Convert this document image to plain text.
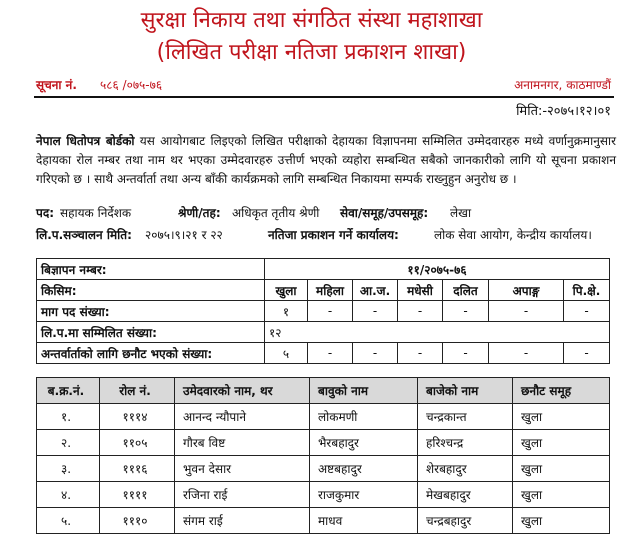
सुरक्षा निकाय तथा संगठित संस्था महाशाखा
(लिखित परीक्षा नतिजा प्रकाशन शाखा)
सूचना नं. ५८६ /०७५-७६	अनामनगर, काठमाण्डौं
मिति:-२०७५।१२।०१
नेपाल धितोपत्र बोर्डको यस आयोगबाट लिइएको लिखित परीक्षाको देहायका विज्ञापनमा सम्मिलित उम्मेदवारहरु मध्ये वर्णानुक्रमानुसार देहायका रोल नम्बर तथा नाम थर भएका उम्मेदवारहरु उत्तीर्ण भएको व्यहोरा सम्बन्धित सबैको जानकारीको लागि यो सूचना प्रकाशन गरिएको छ । साथै अन्तर्वार्ता तथा अन्य बाँकी कार्यक्रमको लागि सम्बन्धित निकायमा सम्पर्क राख्नुहुन अनुरोध छ ।
पद: सहायक निर्देशक	श्रेणी/तह: अधिकृत तृतीय श्रेणी सेवा/समूह/उपसमूह: लेखा
लि.प.सञ्चालन मिति: २०७५।९।२१ र २२	नतिजा प्रकाशन गर्ने कार्यालय:	लोक सेवा आयोग, केन्द्रीय कार्यालय।
बिज्ञापन नम्बर:	११/२०७५-७६						
किसिम:	खुला	महिला	आ.ज.	मधेसी	दलित	अपाङ्ग	पि.क्षे.
माग पद संख्या:	१	-	-	-	-	-	-
लि.प.मा सम्मिलित संख्या:	१२						
अन्तर्वार्ताको लागि छनौट भएको संख्या:	५	-	-	-	-	-	-
ब.क्र.नं.	रोल नं.	उमेदवारको नाम, थर	बावुको नाम	बाजेको नाम	छनौट समूह
१.	१११४	आनन्द न्यौपाने	लोकमणी	चन्द्रकान्त	खुला
२.	११०५	गौरब विष्ट	भैरबहादुर	हरिश्चन्द्र	खुला
३.	१११६	भुवन देसार	अष्टबहादुर	शेरबहादुर	खुला
४.	११११	रजिना राई	राजकुमार	मेखबहादुर	खुला
५.	१११०	संगम राई	माधव	चन्द्रबहादुर	खुला
